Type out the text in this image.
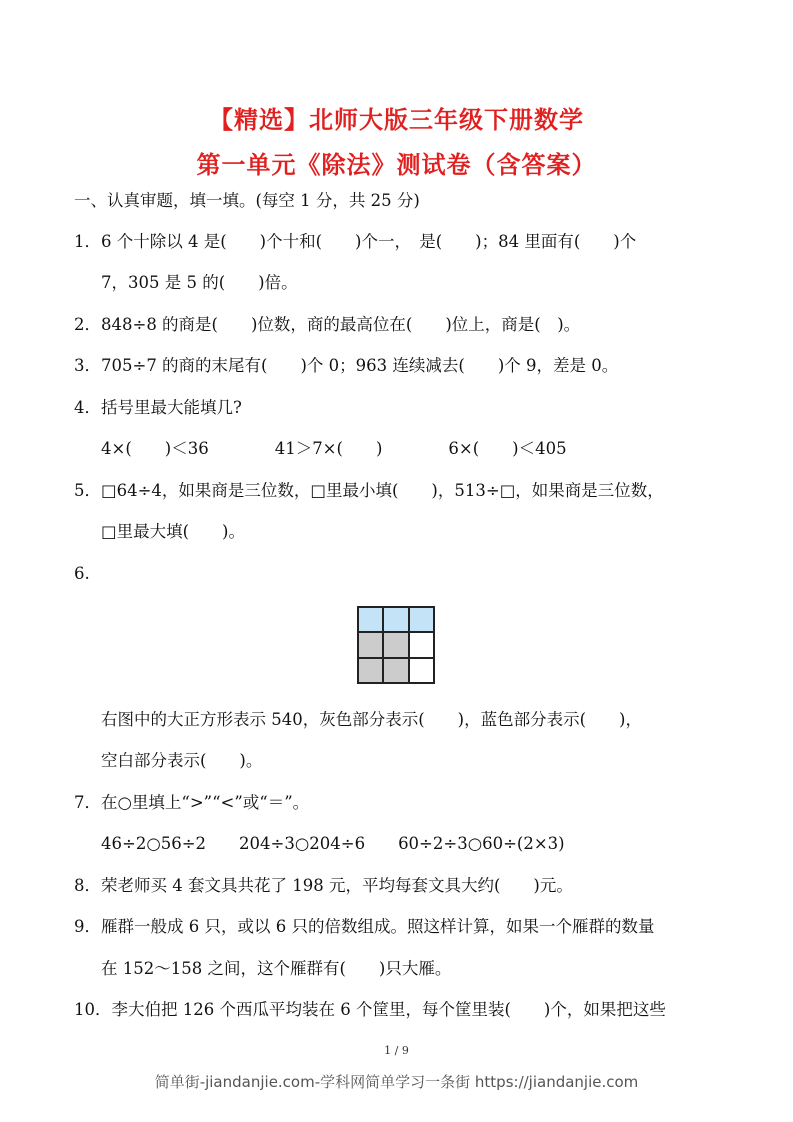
【精选】北师大版三年级下册数学
第一单元《除法》测试卷（含答案）
一、认真审题，填一填。(每空 1 分，共 25 分)
1．6 个十除以 4 是(　　)个十和(　　)个一，　是(　　)；84 里面有(　　)个
7，305 是 5 的(　　)倍。
2．848÷8 的商是(　　)位数，商的最高位在(　　)位上，商是(　)。
3．705÷7 的商的末尾有(　　)个 0；963 连续减去(　　)个 9，差是 0。
4．括号里最大能填几?
4×(　　)＜36　　　　41＞7×(　　)　　　　6×(　　)＜405
5．□64÷4，如果商是三位数，□里最小填(　　)，513÷□，如果商是三位数，
□里最大填(　　)。
6.
右图中的大正方形表示 540，灰色部分表示(　　)，蓝色部分表示(　　)，
空白部分表示(　　)。
7．在○里填上“>”“<”或“＝”。
46÷2○56÷2　　204÷3○204÷6　　60÷2÷3○60÷(2×3)
8．荣老师买 4 套文具共花了 198 元，平均每套文具大约(　　)元。
9．雁群一般成 6 只，或以 6 只的倍数组成。照这样计算，如果一个雁群的数量
在 152～158 之间，这个雁群有(　　)只大雁。
10．李大伯把 126 个西瓜平均装在 6 个筐里，每个筐里装(　　)个，如果把这些
1 / 9
简单街-jiandanjie.com-学科网简单学习一条街 https://jiandanjie.com
